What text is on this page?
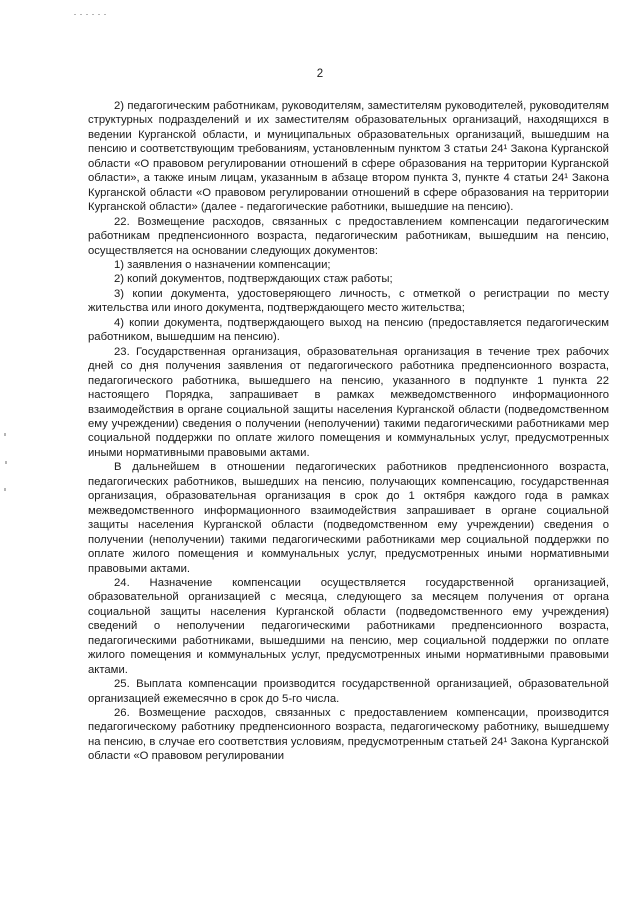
2

2) педагогическим работникам, руководителям, заместителям руководителей, руководителям структурных подразделений и их заместителям образовательных организаций, находящихся в ведении Курганской области, и муниципальных образовательных организаций, вышедшим на пенсию и соответствующим требованиям, установленным пунктом 3 статьи 24¹ Закона Курганской области «О правовом регулировании отношений в сфере образования на территории Курганской области», а также иным лицам, указанным в абзаце втором пункта 3, пункте 4 статьи 24¹ Закона Курганской области «О правовом регулировании отношений в сфере образования на территории Курганской области» (далее - педагогические работники, вышедшие на пенсию).

22. Возмещение расходов, связанных с предоставлением компенсации педагогическим работникам предпенсионного возраста, педагогическим работникам, вышедшим на пенсию, осуществляется на основании следующих документов:

1) заявления о назначении компенсации;

2) копий документов, подтверждающих стаж работы;

3) копии документа, удостоверяющего личность, с отметкой о регистрации по месту жительства или иного документа, подтверждающего место жительства;

4) копии документа, подтверждающего выход на пенсию (предоставляется педагогическим работником, вышедшим на пенсию).

23. Государственная организация, образовательная организация в течение трех рабочих дней со дня получения заявления от педагогического работника предпенсионного возраста, педагогического работника, вышедшего на пенсию, указанного в подпункте 1 пункта 22 настоящего Порядка, запрашивает в рамках межведомственного информационного взаимодействия в органе социальной защиты населения Курганской области (подведомственном ему учреждении) сведения о получении (неполучении) такими педагогическими работниками мер социальной поддержки по оплате жилого помещения и коммунальных услуг, предусмотренных иными нормативными правовыми актами.

В дальнейшем в отношении педагогических работников предпенсионного возраста, педагогических работников, вышедших на пенсию, получающих компенсацию, государственная организация, образовательная организация в срок до 1 октября каждого года в рамках межведомственного информационного взаимодействия запрашивает в органе социальной защиты населения Курганской области (подведомственном ему учреждении) сведения о получении (неполучении) такими педагогическими работниками мер социальной поддержки по оплате жилого помещения и коммунальных услуг, предусмотренных иными нормативными правовыми актами.

24. Назначение компенсации осуществляется государственной организацией, образовательной организацией с месяца, следующего за месяцем получения от органа социальной защиты населения Курганской области (подведомственного ему учреждения) сведений о неполучении педагогическими работниками предпенсионного возраста, педагогическими работниками, вышедшими на пенсию, мер социальной поддержки по оплате жилого помещения и коммунальных услуг, предусмотренных иными нормативными правовыми актами.

25. Выплата компенсации производится государственной организацией, образовательной организацией ежемесячно в срок до 5-го числа.

26. Возмещение расходов, связанных с предоставлением компенсации, производится педагогическому работнику предпенсионного возраста, педагогическому работнику, вышедшему на пенсию, в случае его соответствия условиям, предусмотренным статьей 24¹ Закона Курганской области «О правовом регулировании
